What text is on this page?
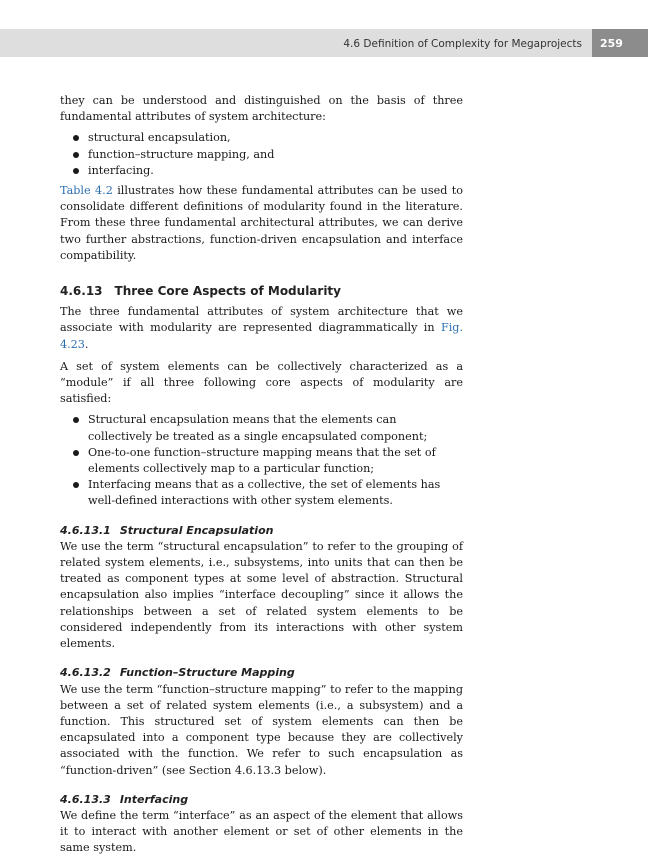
4.6 Definition of Complexity for Megaprojects	259

they can be understood and distinguished on the basis of three fundamental attributes of system architecture:

structural encapsulation,
function–structure mapping, and
interfacing.

Table 4.2 illustrates how these fundamental attributes can be used to consolidate different definitions of modularity found in the literature. From these three fundamental architectural attributes, we can derive two further abstractions, function-driven encapsulation and interface compatibility.

4.6.13 Three Core Aspects of Modularity

The three fundamental attributes of system architecture that we associate with modularity are represented diagrammatically in Fig. 4.23.

A set of system elements can be collectively characterized as a “module” if all three following core aspects of modularity are satisfied:

Structural encapsulation means that the elements can collectively be treated as a single encapsulated component;
One-to-one function–structure mapping means that the set of elements collectively map to a particular function;
Interfacing means that as a collective, the set of elements has well-defined interactions with other system elements.
4.6.13.1 Structural Encapsulation

We use the term “structural encapsulation” to refer to the grouping of related system elements, i.e., subsystems, into units that can then be treated as component types at some level of abstraction. Structural encapsulation also implies “interface decoupling” since it allows the relationships between a set of related system elements to be considered independently from its interactions with other system elements.

4.6.13.2 Function–Structure Mapping

We use the term “function–structure mapping” to refer to the mapping between a set of related system elements (i.e., a subsystem) and a function. This structured set of system elements can then be encapsulated into a component type because they are collectively associated with the function. We refer to such encapsulation as “function-driven” (see Section 4.6.13.3 below).

4.6.13.3 Interfacing

We define the term “interface” as an aspect of the element that allows it to interact with another element or set of other elements in the same system.
